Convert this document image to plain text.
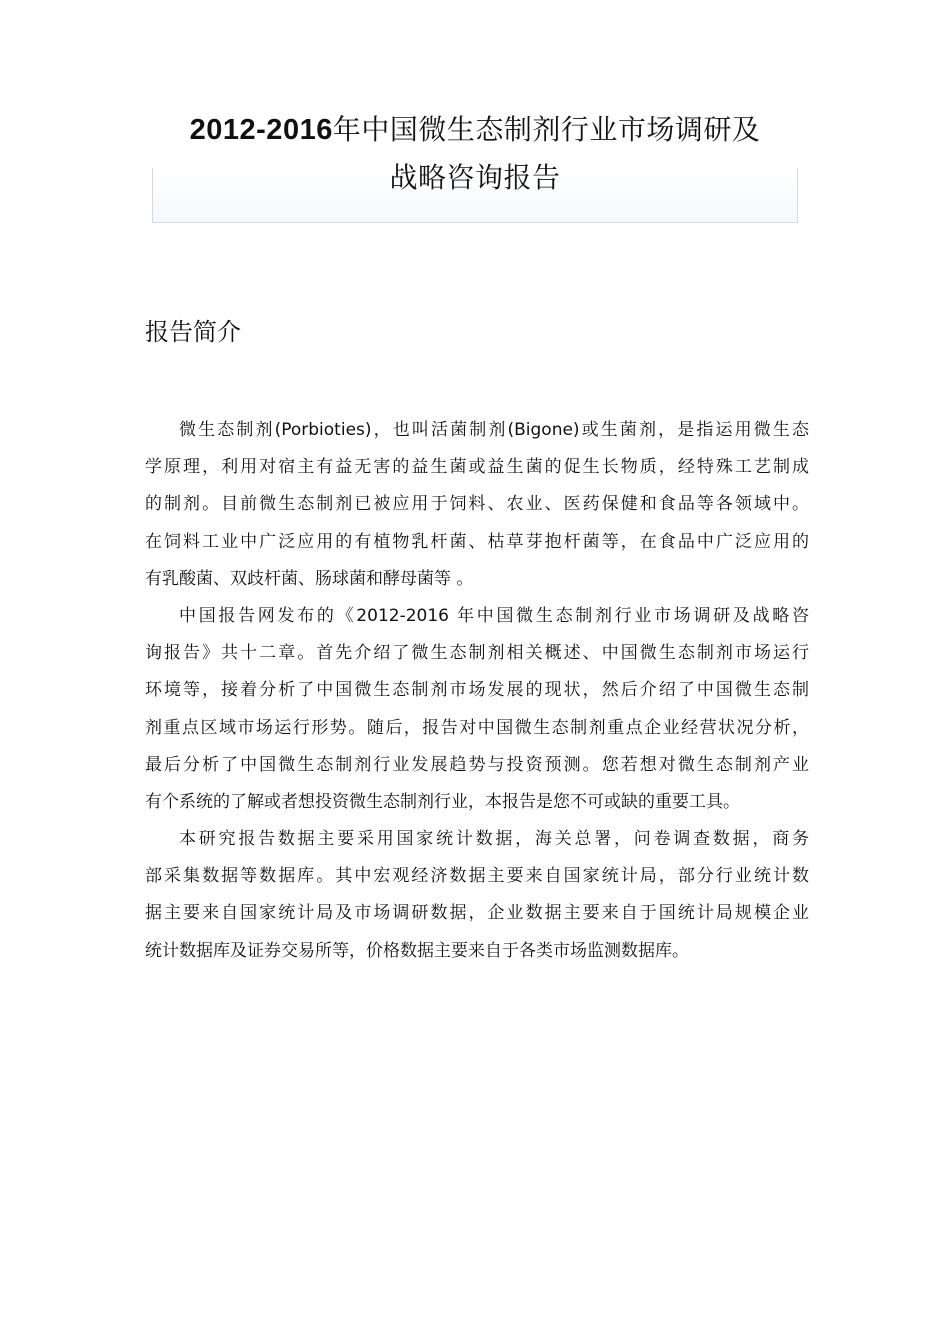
2012-2016年中国微生态制剂行业市场调研及
战略咨询报告
报告简介
微生态制剂(Porbioties)，也叫活菌制剂(Bigone)或生菌剂，是指运用微生态
学原理，利用对宿主有益无害的益生菌或益生菌的促生长物质，经特殊工艺制成
的制剂。目前微生态制剂已被应用于饲料、农业、医药保健和食品等各领域中。
在饲料工业中广泛应用的有植物乳杆菌、枯草芽抱杆菌等，在食品中广泛应用的
有乳酸菌、双歧杆菌、肠球菌和酵母菌等 。
中国报告网发布的《2012-2016 年中国微生态制剂行业市场调研及战略咨
询报告》共十二章。首先介绍了微生态制剂相关概述、中国微生态制剂市场运行
环境等，接着分析了中国微生态制剂市场发展的现状，然后介绍了中国微生态制
剂重点区域市场运行形势。随后，报告对中国微生态制剂重点企业经营状况分析，
最后分析了中国微生态制剂行业发展趋势与投资预测。您若想对微生态制剂产业
有个系统的了解或者想投资微生态制剂行业，本报告是您不可或缺的重要工具。
本研究报告数据主要采用国家统计数据，海关总署，问卷调查数据，商务
部采集数据等数据库。其中宏观经济数据主要来自国家统计局，部分行业统计数
据主要来自国家统计局及市场调研数据，企业数据主要来自于国统计局规模企业
统计数据库及证券交易所等，价格数据主要来自于各类市场监测数据库。
